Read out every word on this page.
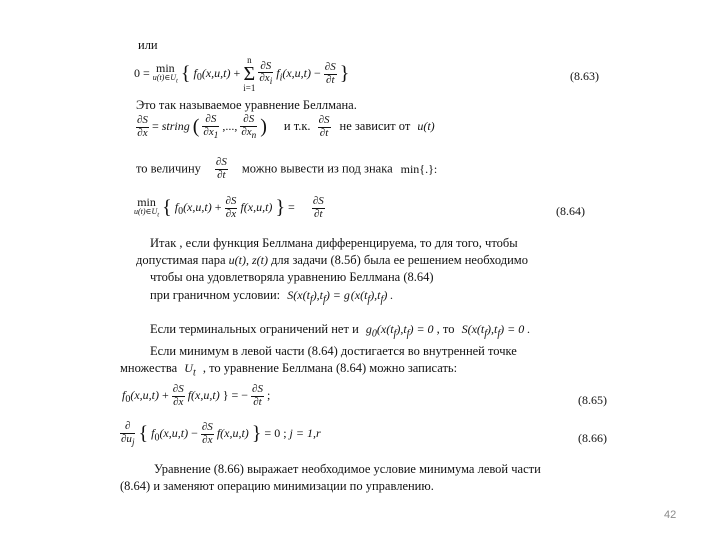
или
0 = min
$u(t)\in U_t$ { $f_0(x,u,t) + n$
Σ
i=1
$\frac{\partial S}{\partial x_i} f_i(x,u,t) - \frac{\partial S}{\partial t}$ }	(8.63)
Это так называемое уравнение Беллмана.
$\frac{\partial S}{\partial x}$ = string ( $\frac{\partial S}{\partial x_1}$ ,..., $\frac{\partial S}{\partial x_n}$ ) и т.к. $\frac{\partial S}{\partial t}$ не зависит от u(t)
то величину $\frac{\partial S}{\partial t}$ можно вывести из под знака min{.}:
min
$u(t)\in U_t$ { $f_0(x,u,t) + \frac{\partial S}{\partial x} f(x,u,t)$ } = $\frac{\partial S}{\partial t}$	(8.64)
Итак , если функция Беллмана дифференцируема, то для того, чтобы
допустимая пара u(t), z(t) для задачи (8.5б) была ее решением необходимо
чтобы она удовлетворяла уравнению Беллмана (8.64)
при граничном условии: $S(x(t_f),t_f) = g$ $(x(t_f),t_f)$ .
Если терминальных ограничений нет и $g_0(x(t_f),t_f) = 0$ , то $S(x(t_f),t_f) = 0$ .
Если минимум в левой части (8.64) достигается во внутренней точке
множества $U_t$ , то уравнение Беллмана (8.64) можно записать:
$f_0(x,u,t) + \frac{\partial S}{\partial x} f(x,u,t)$ } = − $\frac{\partial S}{\partial t}$ ;	(8.65)
$\frac{\partial}{\partial u_j}$ { $f_0(x,u,t) - \frac{\partial S}{\partial x} f(x,u,t)$ } = 0 ; j = 1,r	(8.66)
Уравнение (8.66) выражает необходимое условие минимума левой части
(8.64) и заменяют операцию минимизации по управлению.
42
